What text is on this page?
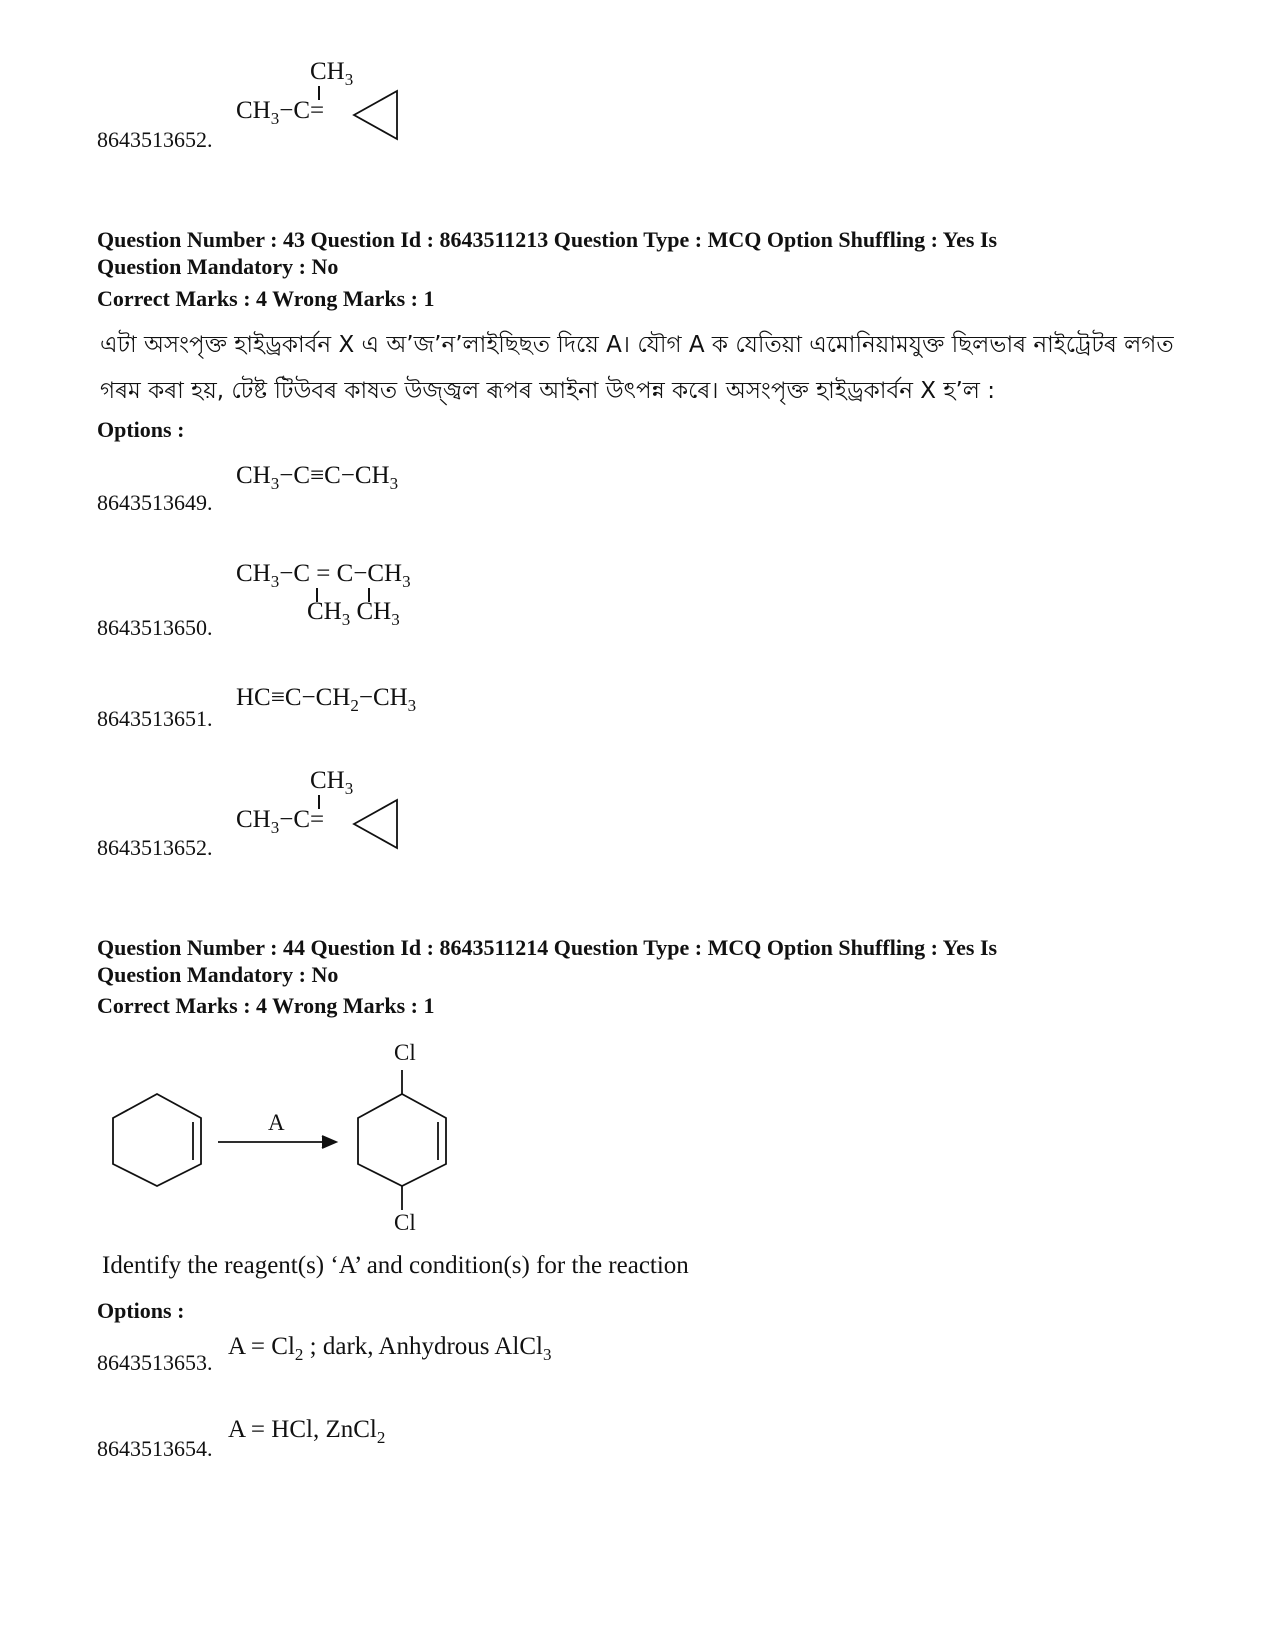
$CH_3$
$CH_3-C=$
8643513652.
Question Number : 43 Question Id : 8643511213 Question Type : MCQ Option Shuffling : Yes Is
Question Mandatory : No
Correct Marks : 4 Wrong Marks : 1
এটা অসংপৃক্ত হাইড্ৰকাৰ্বন X এ অ’জ’ন’লাইছিছত দিয়ে A। যৌগ A ক যেতিয়া এমোনিয়ামযুক্ত ছিলভাৰ নাইট্ৰেটৰ লগত
গৰম কৰা হয়, টেষ্ট টিউবৰ কাষত উজ্জ্বল ৰূপৰ আইনা উৎপন্ন কৰে। অসংপৃক্ত হাইড্ৰকাৰ্বন X হ’ল :
Options :
$CH_3-C\equiv C-CH_3$
8643513649.
$CH_3-C = C-CH_3$
$CH_3$ $CH_3$
8643513650.
$HC\equiv C-CH_2-CH_3$
8643513651.
$CH_3$
$CH_3-C=$
8643513652.
Question Number : 44 Question Id : 8643511214 Question Type : MCQ Option Shuffling : Yes Is
Question Mandatory : No
Correct Marks : 4 Wrong Marks : 1
A
Cl
Cl
Identify the reagent(s) ‘A’ and condition(s) for the reaction
Options :
$A = Cl_2$ ; dark, Anhydrous AlCl$_3$
8643513653.
A = HCl, ZnCl$_2$
8643513654.
